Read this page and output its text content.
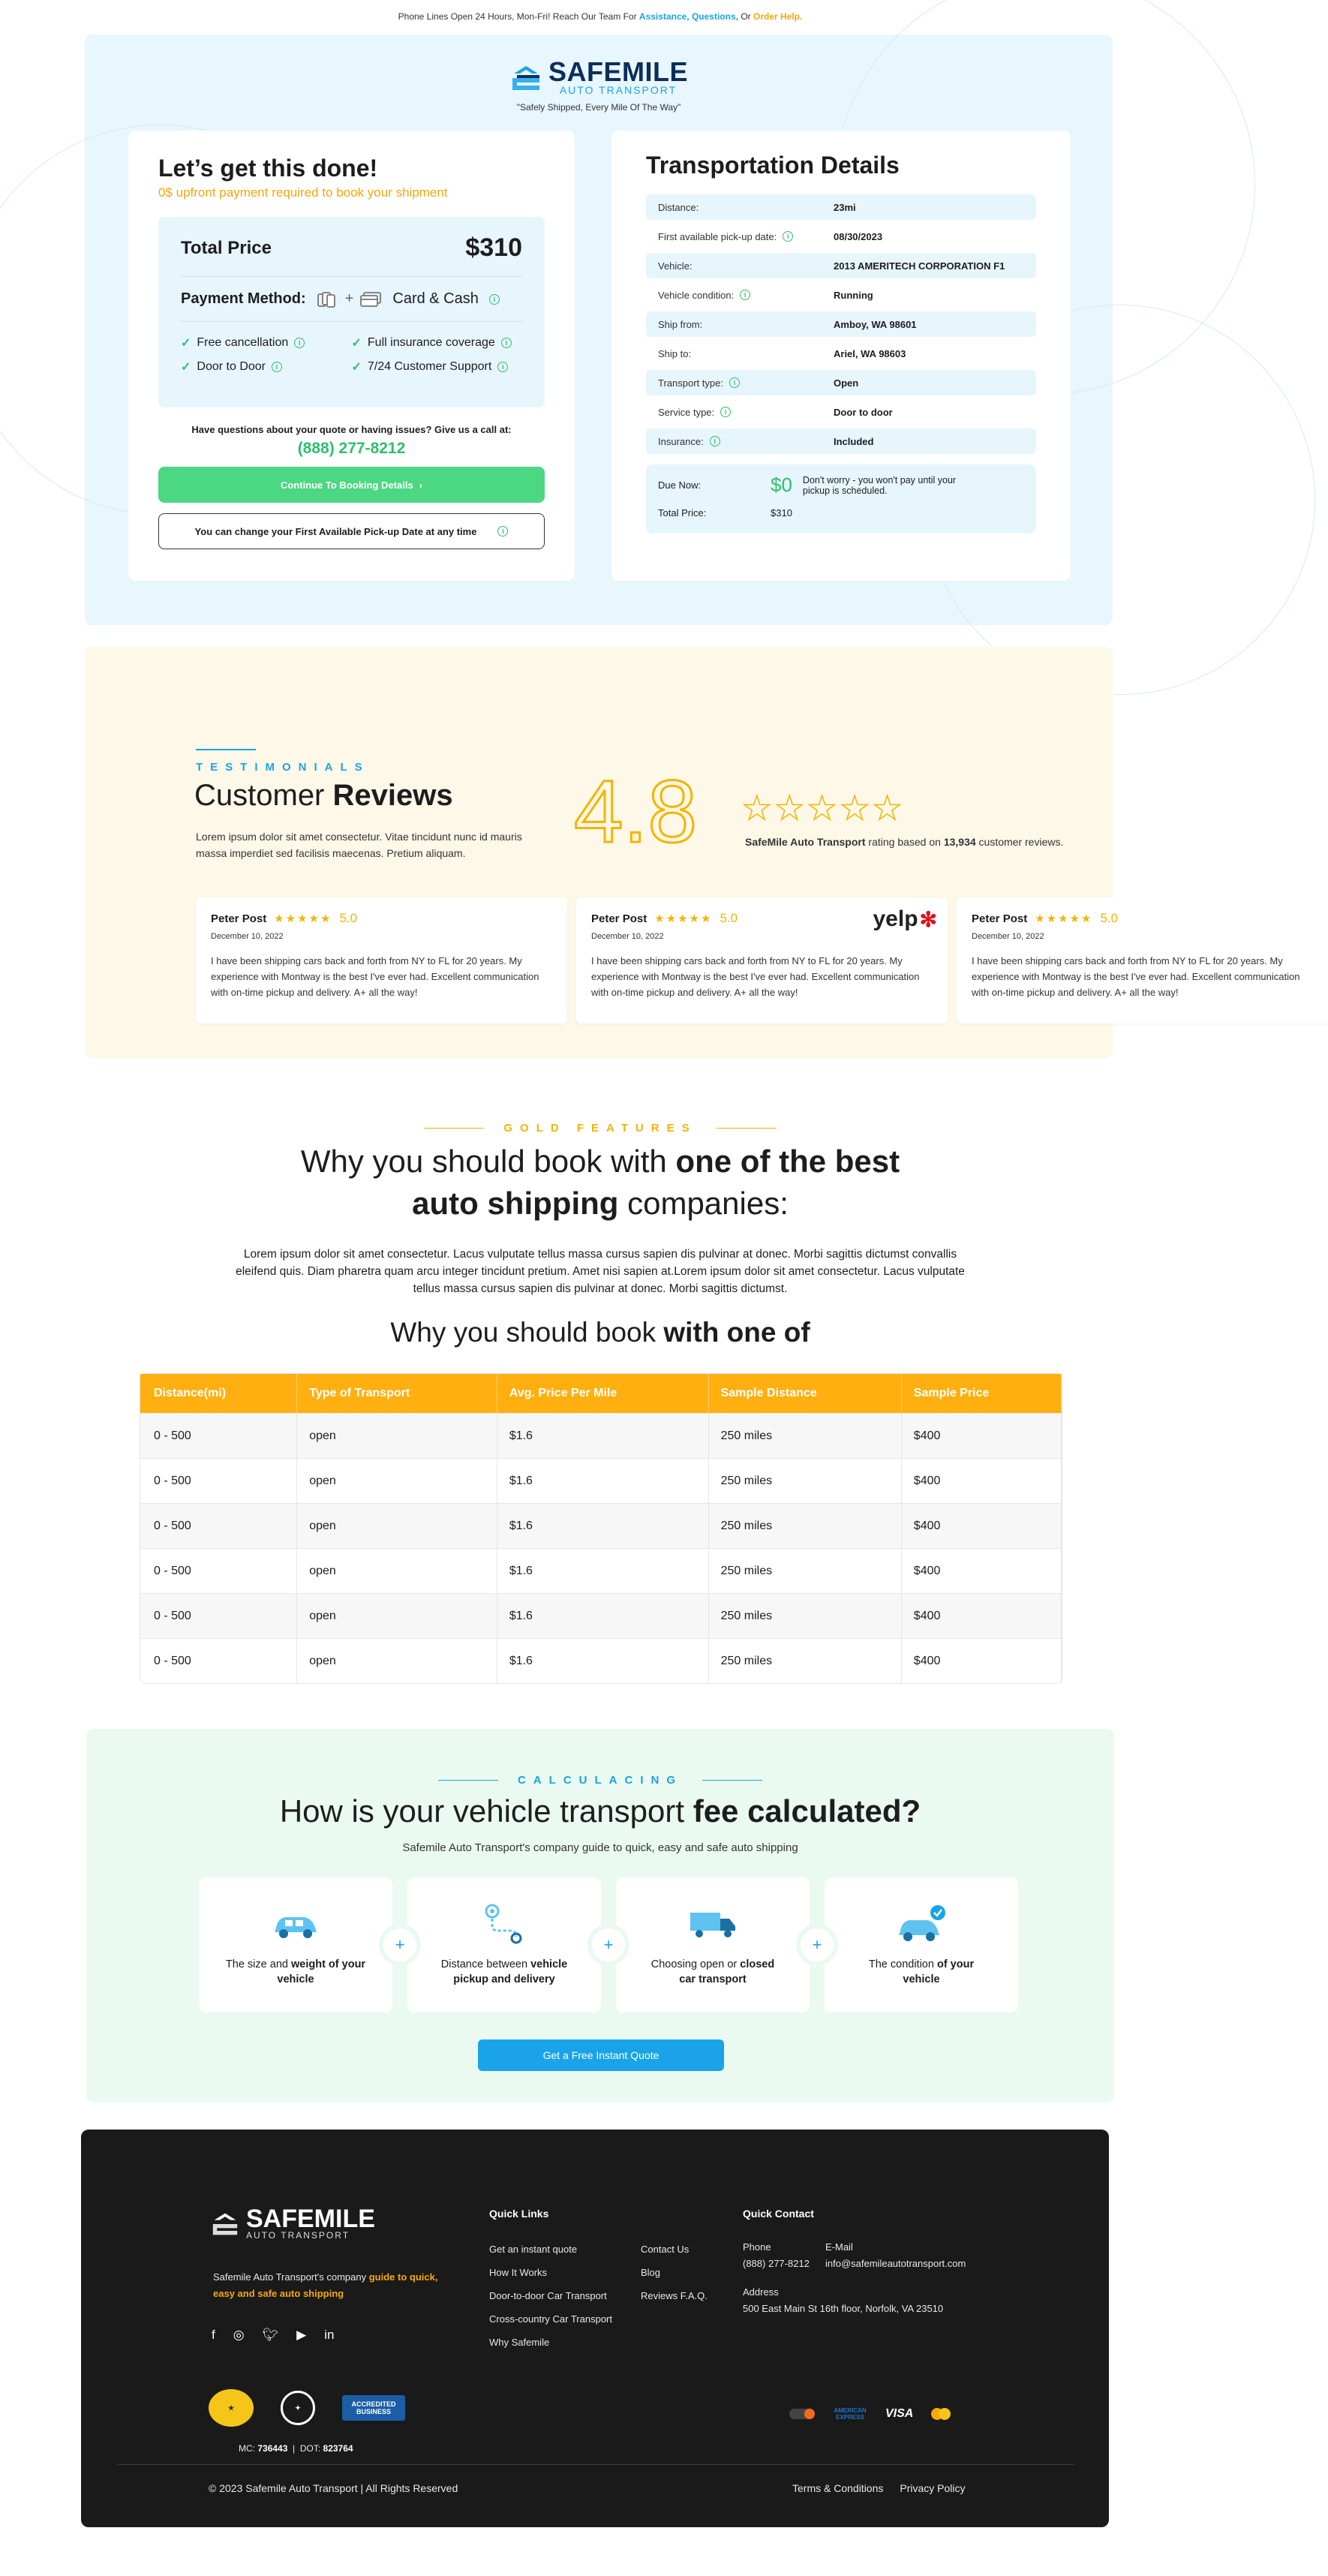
Phone Lines Open 24 Hours, Mon-Fri! Reach Our Team For
Assistance, Questions,
Or
Order Help.
SAFEMILE
AUTO TRANSPORT
"Safely Shipped, Every Mile Of The Way"
Let’s get this done!
0$ upfront payment required to book your shipment
Total Price	$310
Payment Method:	+	Card & Cash	i
✓ Free cancellation	i	✓ Full insurance coverage	i
✓ Door to Door	i	✓ 7/24 Customer Support	i
Have questions about your quote or having issues? Give us a call at:
(888) 277-8212
Continue To Booking Details ›
You can change your First Available Pick-up Date at any time	i
Transportation Details
Distance:	23mi
First available pick-up date:	i	08/30/2023
Vehicle:	2013 AMERITECH CORPORATION F1
Vehicle condition:	i	Running
Ship from:	Amboy, WA 98601
Ship to:	Ariel, WA 98603
Transport type:	i	Open
Service type:	i	Door to door
Insurance:	i	Included
Due Now:	$0 Don't worry - you won't pay until your pickup is scheduled.
Total Price:	$310
TESTIMONIALS
Customer Reviews
Lorem ipsum dolor sit amet consectetur. Vitae tincidunt nunc id mauris massa imperdiet sed facilisis maecenas. Pretium aliquam.	4.8 ★★★★★
SafeMile Auto Transport rating based on 13,934 customer reviews.
Peter Post ★★★★★ 5.0
December 10, 2022
I have been shipping cars back and forth from NY to FL for 20 years. My experience with Montway is the best I've ever had. Excellent communication with on-time pickup and delivery. A+ all the way!
Peter Post ★★★★★ 5.0	yelp ✻
December 10, 2022
I have been shipping cars back and forth from NY to FL for 20 years. My experience with Montway is the best I've ever had. Excellent communication with on-time pickup and delivery. A+ all the way!
Peter Post ★★★★★ 5.0
December 10, 2022
I have been shipping cars back and forth from NY to FL for 20 years. My experience with Montway is the best I've ever had. Excellent communication with on-time pickup and delivery. A+ all the way!
GOLD FEATURES
Why you should book with one of the best
auto shipping companies:
Lorem ipsum dolor sit amet consectetur. Lacus vulputate tellus massa cursus sapien dis pulvinar at donec. Morbi sagittis dictumst convallis eleifend quis. Diam pharetra quam arcu integer tincidunt pretium. Amet nisi sapien at.Lorem ipsum dolor sit amet consectetur. Lacus vulputate tellus massa cursus sapien dis pulvinar at donec. Morbi sagittis dictumst.
Why you should book with one of
Distance(mi)	Type of Transport	Avg. Price Per Mile	Sample Distance	Sample Price
0 - 500	open	$1.6	250 miles	$400
0 - 500	open	$1.6	250 miles	$400
0 - 500	open	$1.6	250 miles	$400
0 - 500	open	$1.6	250 miles	$400
0 - 500	open	$1.6	250 miles	$400
0 - 500	open	$1.6	250 miles	$400
CALCULACING
How is your vehicle transport fee calculated?
Safemile Auto Transport's company guide to quick, easy and safe auto shipping
The size and weight of your vehicle
+
Distance between vehicle pickup and delivery
+
Choosing open or closed car transport
+
The condition of your vehicle
Get a Free Instant Quote
SAFEMILE
AUTO TRANSPORT
Safemile Auto Transport's company guide to quick, easy and safe auto shipping
f ◎ 🐦︎ ▶ in
★	✦	ACCREDITED BUSINESS
MC: 736443  |  DOT: 823764
Quick Links
Get an instant quote
How It Works
Door-to-door Car Transport
Cross-country Car Transport
Why Safemile
Contact Us
Blog
Reviews F.A.Q.
Quick Contact
Phone
(888) 277-8212
E-Mail
info@safemileautotransport.com
Address
500 East Main St 16th floor, Norfolk, VA 23510
AMERICAN EXPRESS VISA
© 2023 Safemile Auto Transport | All Rights Reserved	Terms & Conditions Privacy Policy
